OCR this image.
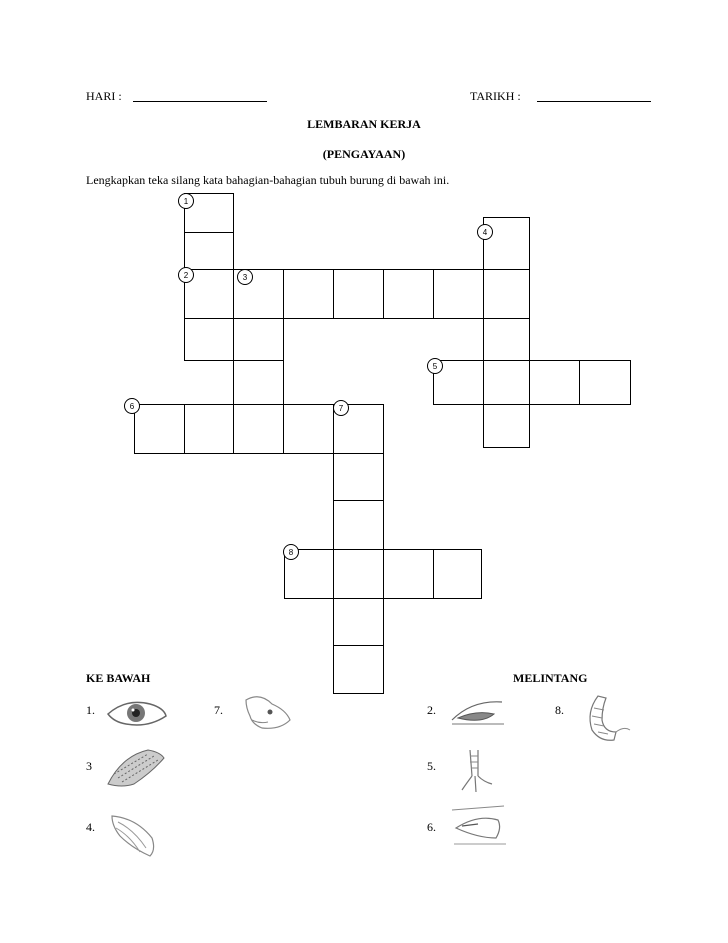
HARI :	TARIKH :
LEMBARAN KERJA
(PENGAYAAN)
Lengkapkan teka silang kata bahagian-bahagian tubuh burung di bawah ini.
1
2	3
4
5
6	7
8
KE BAWAH	MELINTANG
1.	7.
3
4.
2.	8.
5.
6.
